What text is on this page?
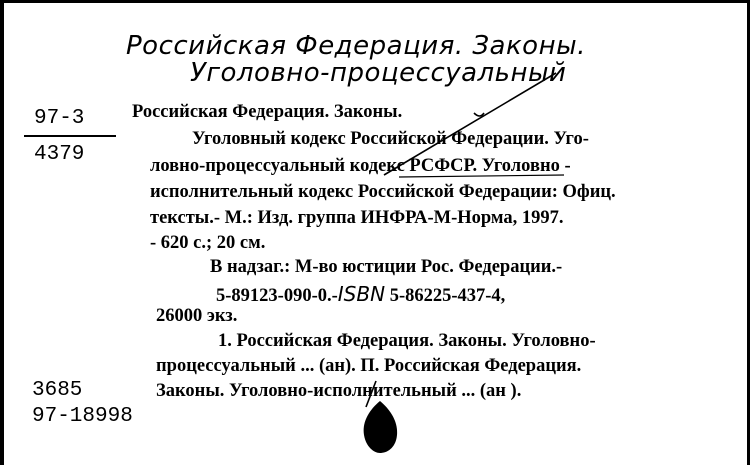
Российская Федерация. Законы.
Уголовно-процессуальный
97-3
4379
Российская Федерация. Законы.
Уголовный кодекс Российской Федерации. Уго-
ловно-процессуальный кодекс РСФСР. Уголовно -
исполнительный кодекс Российской Федерации: Офиц.
тексты.- М.: Изд. группа ИНФРА-М-Норма, 1997.
- 620 с.; 20 см.
В надзаг.: М-во юстиции Рос. Федерации.-
5-89123-090-0.-ISBN 5-86225-437-4,
26000 экз.
1. Российская Федерация. Законы. Уголовно-
процессуальный ... (ан). П. Российская Федерация.
Законы. Уголовно-исполнительный ... (ан ).
3685
97-18998
